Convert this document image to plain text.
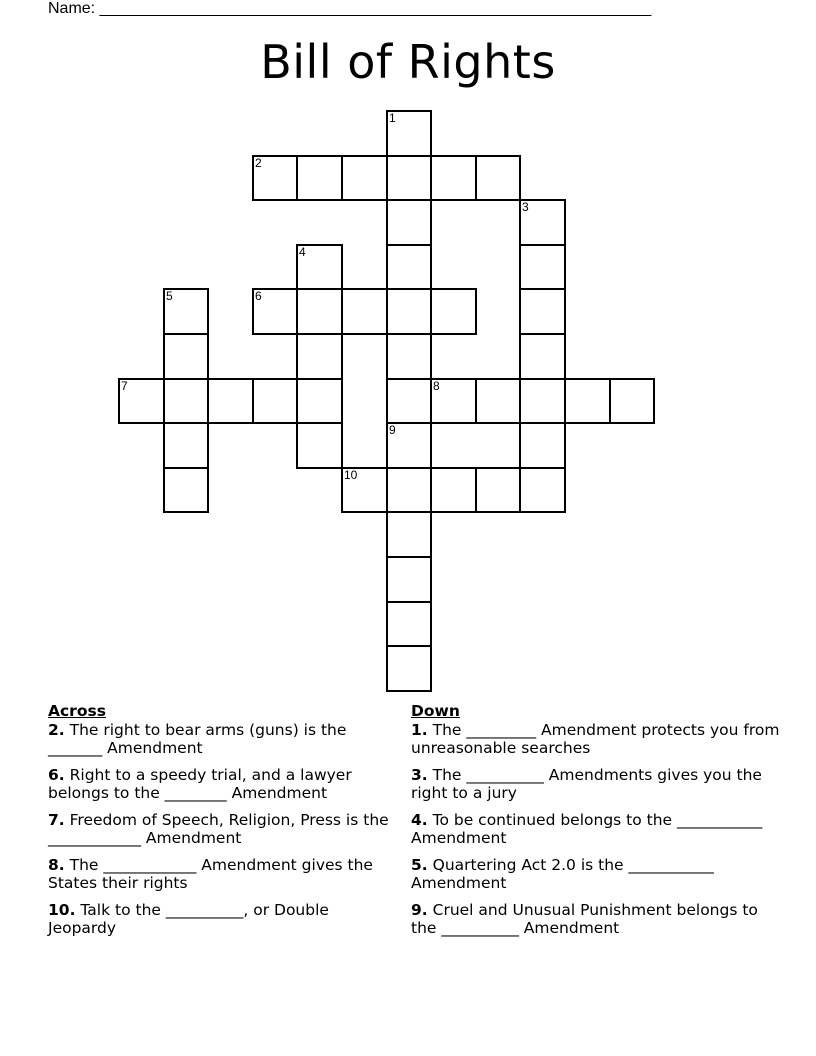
Name: ______________________________________________________________
Bill of Rights
1
2
3
4
5	6
7	8
9
10
Across
2. The right to bear arms (guns) is the _______ Amendment
6. Right to a speedy trial, and a lawyer belongs to the ________ Amendment
7. Freedom of Speech, Religion, Press is the ____________ Amendment
8. The ____________ Amendment gives the States their rights
10. Talk to the __________, or Double Jeopardy
Down
1. The _________ Amendment protects you from unreasonable searches
3. The __________ Amendments gives you the right to a jury
4. To be continued belongs to the ___________ Amendment
5. Quartering Act 2.0 is the ___________ Amendment
9. Cruel and Unusual Punishment belongs to the __________ Amendment
